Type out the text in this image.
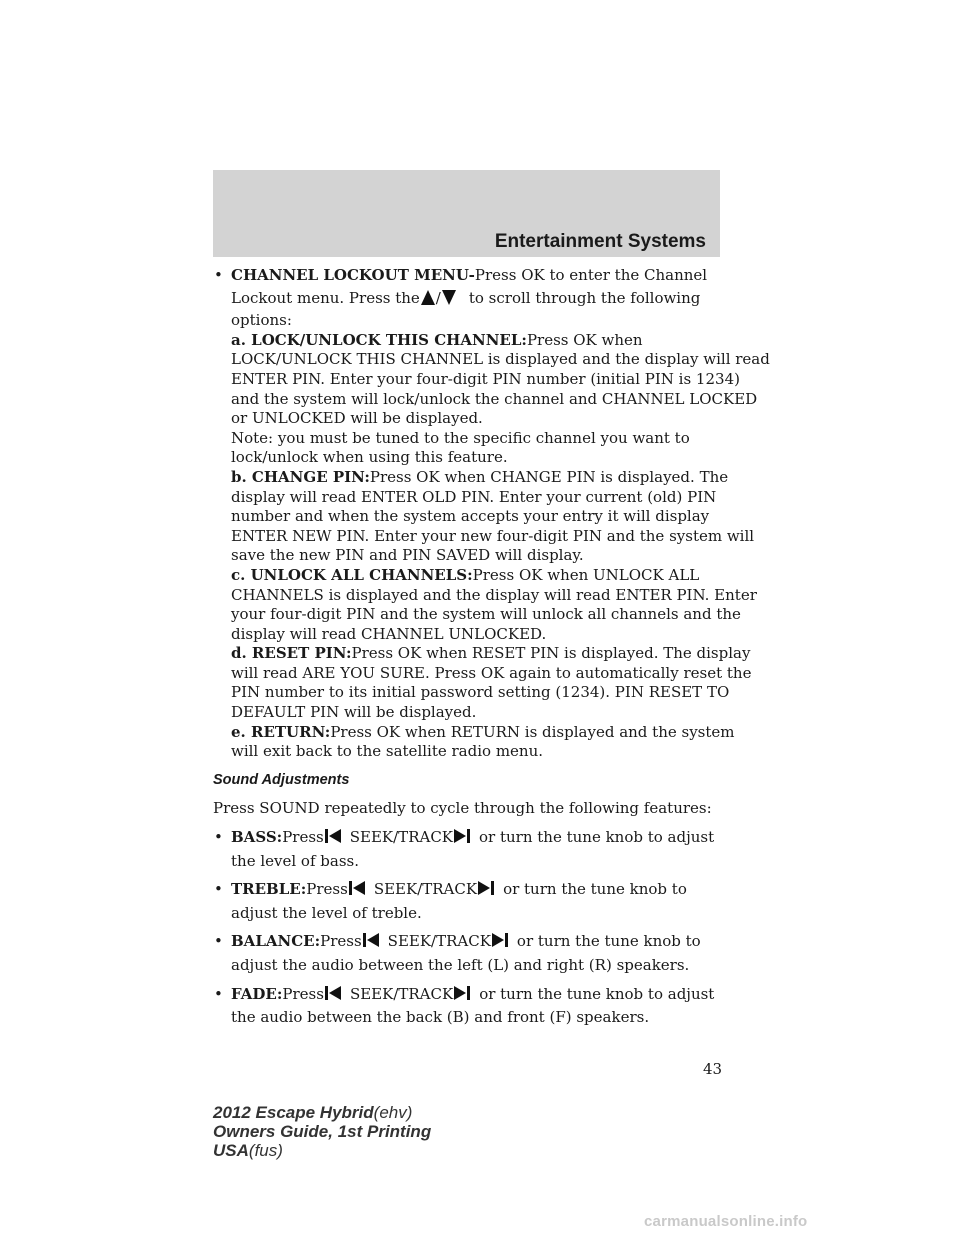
Entertainment Systems
• CHANNEL LOCKOUT MENU-Press OK to enter the Channel
Lockout menu. Press the / to scroll through the following
options:
a. LOCK/UNLOCK THIS CHANNEL:Press OK when
LOCK/UNLOCK THIS CHANNEL is displayed and the display will read
ENTER PIN. Enter your four-digit PIN number (initial PIN is 1234)
and the system will lock/unlock the channel and CHANNEL LOCKED
or UNLOCKED will be displayed.
Note: you must be tuned to the specific channel you want to
lock/unlock when using this feature.
b. CHANGE PIN:Press OK when CHANGE PIN is displayed. The
display will read ENTER OLD PIN. Enter your current (old) PIN
number and when the system accepts your entry it will display
ENTER NEW PIN. Enter your new four-digit PIN and the system will
save the new PIN and PIN SAVED will display.
c. UNLOCK ALL CHANNELS:Press OK when UNLOCK ALL
CHANNELS is displayed and the display will read ENTER PIN. Enter
your four-digit PIN and the system will unlock all channels and the
display will read CHANNEL UNLOCKED.
d. RESET PIN:Press OK when RESET PIN is displayed. The display
will read ARE YOU SURE. Press OK again to automatically reset the
PIN number to its initial password setting (1234). PIN RESET TO
DEFAULT PIN will be displayed.
e. RETURN:Press OK when RETURN is displayed and the system
will exit back to the satellite radio menu.
Sound Adjustments
Press SOUND repeatedly to cycle through the following features:
• BASS:Press SEEK/TRACK or turn the tune knob to adjust
the level of bass.
• TREBLE:Press SEEK/TRACK or turn the tune knob to
adjust the level of treble.
• BALANCE:Press SEEK/TRACK or turn the tune knob to
adjust the audio between the left (L) and right (R) speakers.
• FADE:Press SEEK/TRACK or turn the tune knob to adjust
the audio between the back (B) and front (F) speakers.
43
2012 Escape Hybrid(ehv)
Owners Guide, 1st Printing
USA(fus)
carmanualsonline.info
